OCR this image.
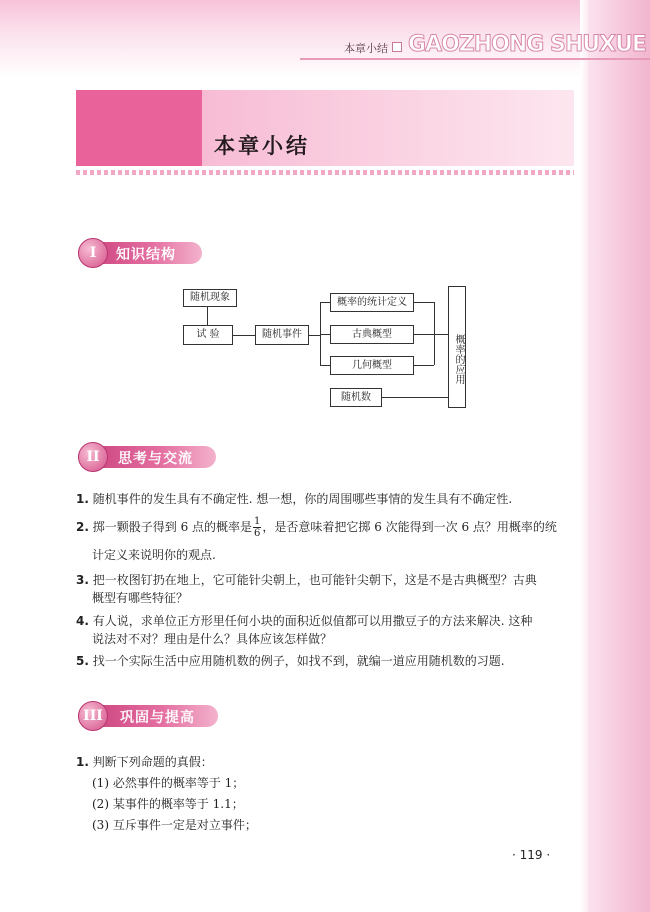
本章小结 GAOZHONG SHUXUE
本章小结
I	知识结构
随机现象
试 验	随机事件
概率的统计定义
古典概型
几何概型
随机数
概率的应用
II	思考与交流
1. 随机事件的发生具有不确定性. 想一想，你的周围哪些事情的发生具有不确定性.
2. 掷一颗骰子得到 6 点的概率是 $\frac{1}{6}$ ，是否意味着把它掷 6 次能得到一次 6 点？用概率的统
计定义来说明你的观点.
3. 把一枚图钉扔在地上，它可能针尖朝上，也可能针尖朝下，这是不是古典概型？古典
概型有哪些特征？
4. 有人说，求单位正方形里任何小块的面积近似值都可以用撒豆子的方法来解决. 这种
说法对不对？理由是什么？具体应该怎样做？
5. 找一个实际生活中应用随机数的例子，如找不到，就编一道应用随机数的习题.
III	巩固与提高
1. 判断下列命题的真假：
(1) 必然事件的概率等于 1；
(2) 某事件的概率等于 1.1；
(3) 互斥事件一定是对立事件；
· 119 ·
